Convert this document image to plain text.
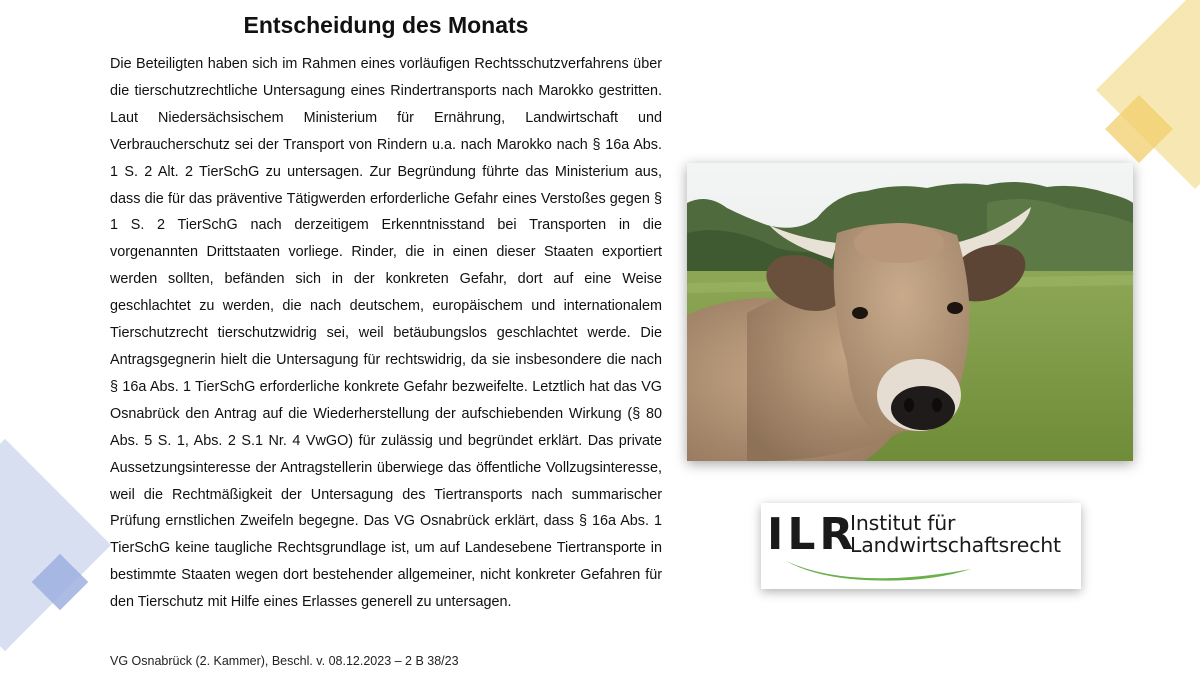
Entscheidung des Monats

Die Beteiligten haben sich im Rahmen eines vorläufigen Rechtsschutzverfahrens über die tierschutzrechtliche Untersagung eines Rindertransports nach Marokko gestritten. Laut Niedersächsischem Ministerium für Ernährung, Landwirtschaft und Verbraucherschutz sei der Transport von Rindern u.a. nach Marokko nach § 16a Abs. 1 S. 2 Alt. 2 TierSchG zu untersagen. Zur Begründung führte das Ministerium aus, dass die für das präventive Tätigwerden erforderliche Gefahr eines Verstoßes gegen § 1 S. 2 TierSchG nach derzeitigem Erkenntnisstand bei Transporten in die vorgenannten Drittstaaten vorliege. Rinder, die in einen dieser Staaten exportiert werden sollten, befänden sich in der konkreten Gefahr, dort auf eine Weise geschlachtet zu werden, die nach deutschem, europäischem und internationalem Tierschutzrecht tierschutzwidrig sei, weil betäubungslos geschlachtet werde. Die Antragsgegnerin hielt die Untersagung für rechtswidrig, da sie insbesondere die nach § 16a Abs. 1 TierSchG erforderliche konkrete Gefahr bezweifelte. Letztlich hat das VG Osnabrück den Antrag auf die Wiederherstellung der aufschiebenden Wirkung (§ 80 Abs. 5 S. 1, Abs. 2 S.1 Nr. 4 VwGO) für zulässig und begründet erklärt. Das private Aussetzungsinteresse der Antragstellerin überwiege das öffentliche Vollzugsinteresse, weil die Rechtmäßigkeit der Untersagung des Tiertransports nach summarischer Prüfung ernstlichen Zweifeln begegne. Das VG Osnabrück erklärt, dass § 16a Abs. 1 TierSchG keine taugliche Rechtsgrundlage ist, um auf Landesebene Tiertransporte in bestimmte Staaten wegen dort bestehender allgemeiner, nicht konkreter Gefahren für den Tierschutz mit Hilfe eines Erlasses generell zu untersagen.

VG Osnabrück (2. Kammer), Beschl. v. 08.12.2023 – 2 B 38/23

ILR
Institut für
Landwirtschaftsrecht
